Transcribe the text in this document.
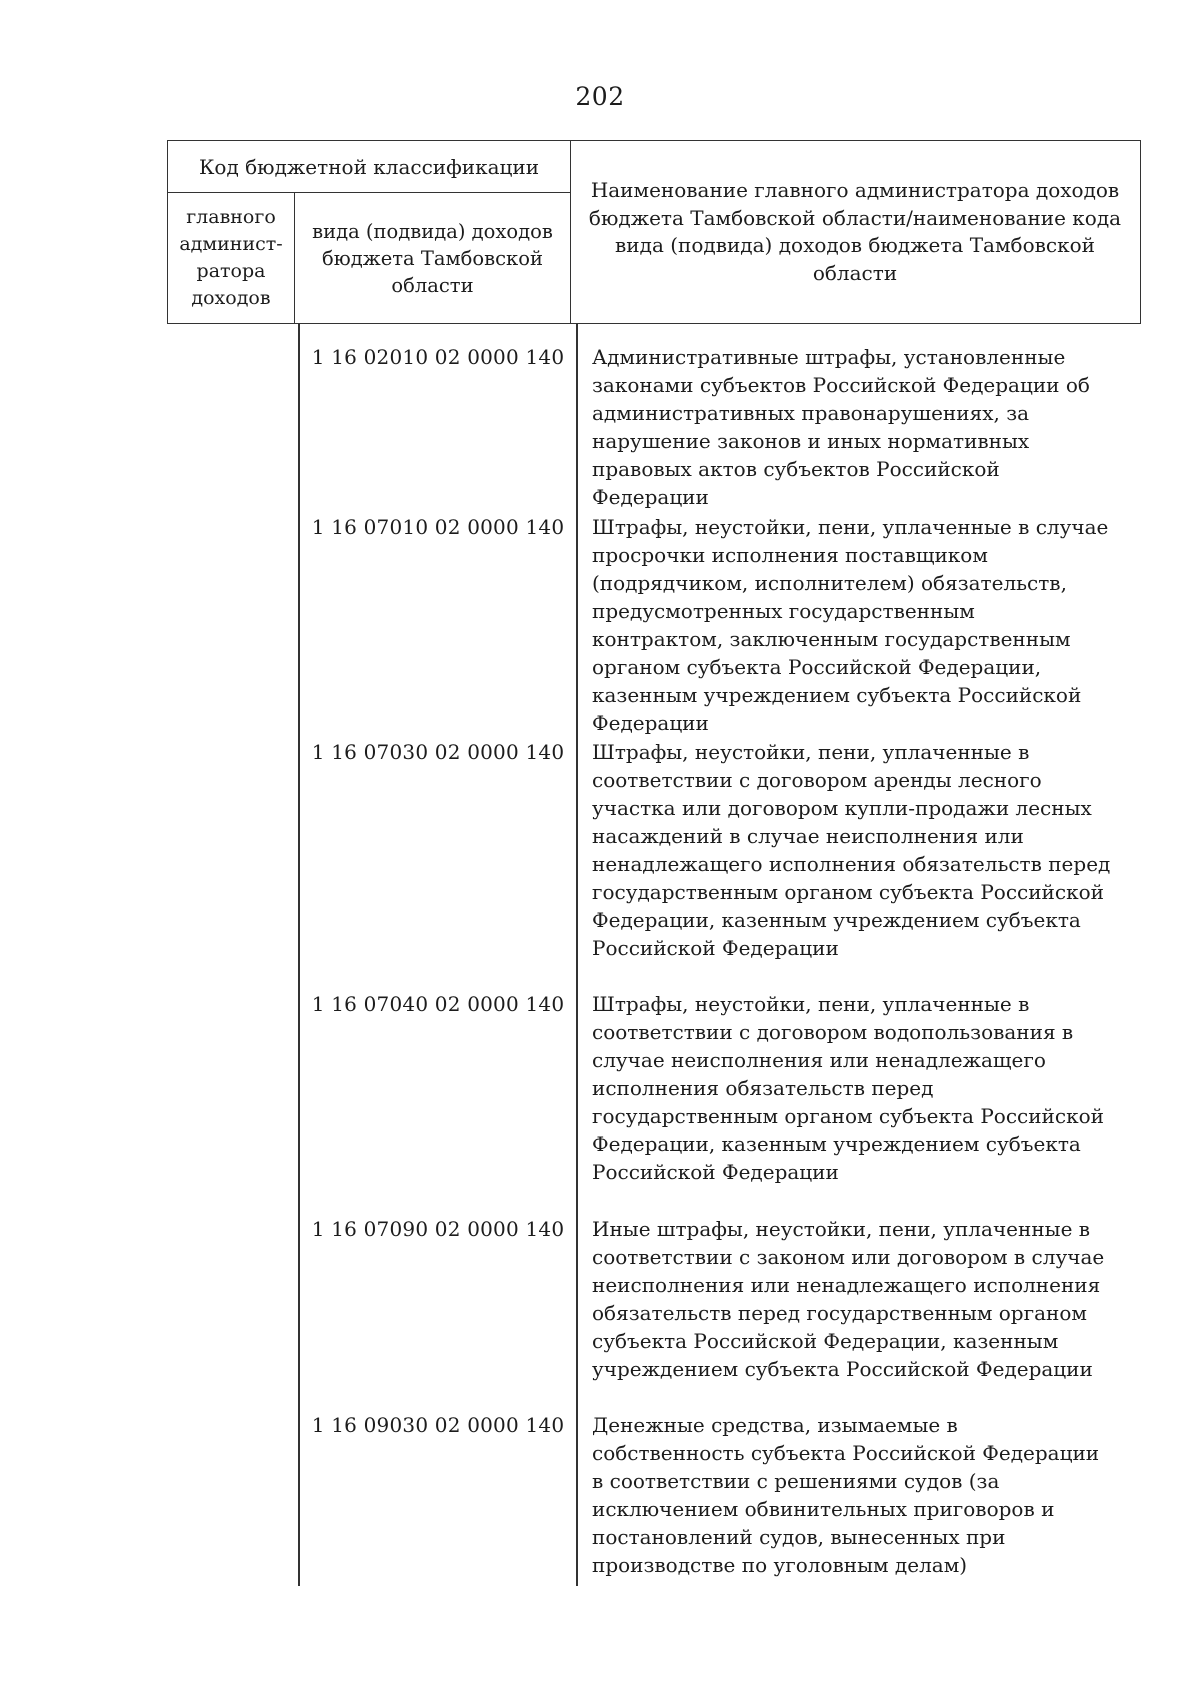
202
Код бюджетной классификации
главного админист-ратора доходов
вида (подвида) доходов бюджета Тамбовской области
Наименование главного администратора доходов бюджета Тамбовской области/наименование кода вида (подвида) доходов бюджета Тамбовской области
1 16 02010 02 0000 140	Административные штрафы, установленные законами субъектов Российской Федерации об административных правонарушениях, за нарушение законов и иных нормативных правовых актов субъектов Российской Федерации
1 16 07010 02 0000 140	Штрафы, неустойки, пени, уплаченные в случае просрочки исполнения поставщиком (подрядчиком, исполнителем) обязательств, предусмотренных государственным контрактом, заключенным государственным органом субъекта Российской Федерации, казенным учреждением субъекта Российской Федерации
1 16 07030 02 0000 140	Штрафы, неустойки, пени, уплаченные в соответствии с договором аренды лесного участка или договором купли-продажи лесных насаждений в случае неисполнения или ненадлежащего исполнения обязательств перед государственным органом субъекта Российской Федерации, казенным учреждением субъекта Российской Федерации
1 16 07040 02 0000 140	Штрафы, неустойки, пени, уплаченные в соответствии с договором водопользования в случае неисполнения или ненадлежащего исполнения обязательств перед государственным органом субъекта Российской Федерации, казенным учреждением субъекта Российской Федерации
1 16 07090 02 0000 140	Иные штрафы, неустойки, пени, уплаченные в соответствии с законом или договором в случае неисполнения или ненадлежащего исполнения обязательств перед государственным органом субъекта Российской Федерации, казенным учреждением субъекта Российской Федерации
1 16 09030 02 0000 140	Денежные средства, изымаемые в собственность субъекта Российской Федерации в соответствии с решениями судов (за исключением обвинительных приговоров и постановлений судов, вынесенных при производстве по уголовным делам)
